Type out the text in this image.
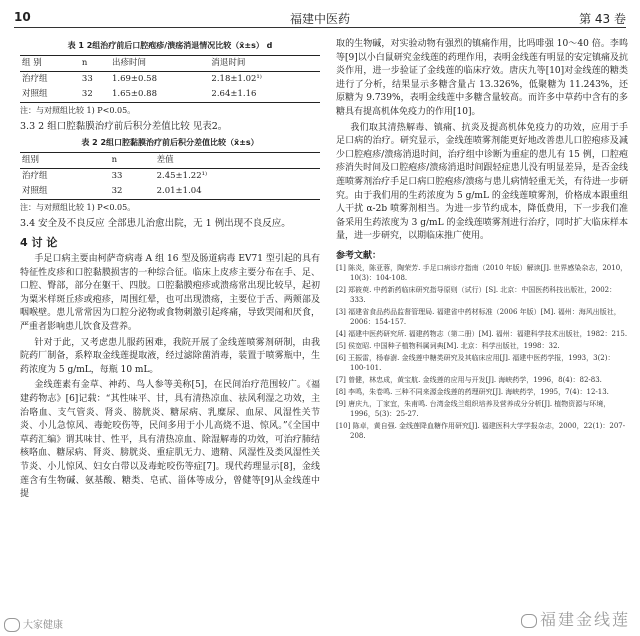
10	福建中医药	第 43 卷
表 1 2组治疗前后口腔疱疹/溃疡消退情况比较（x̄±s） d
组 别	n	出疹时间	消退时间
治疗组	33	1.69±0.58	2.18±1.02¹⁾
对照组	32	1.65±0.88	2.64±1.16
注：与对照组比较 1) P<0.05。
3.3 2 组口腔黏膜治疗前后积分差值比较 见表2。
表 2 2组口腔黏膜治疗前后积分差值比较（x̄±s）
组别	n	差值
治疗组	33	2.45±1.22¹⁾
对照组	32	2.01±1.04
注：与对照组比较 1) P<0.05。
3.4 安全及不良反应 全部患儿治愈出院，无 1 例出现不良反应。
4 讨 论

手足口病主要由柯萨奇病毒 A 组 16 型及肠道病毒 EV71 型引起的具有特征性皮疹和口腔黏膜损害的一种综合征。临床上皮疹主要分布在手、足、口腔、臀部，部分在躯干、四肢。口腔黏膜疱疹或溃疡常出现比较早，起初为粟米样斑丘疹或疱疹，周围红晕，也可出现溃疡，主要位于舌、两颊部及咽喉壁。患儿常常因为口腔分泌物或食物刺激引起疼痛，导致哭闹和厌食，严重者影响患儿饮食及营养。

针对于此，又考虑患儿服药困难，我院开展了金线莲喷雾剂研制，由我院药厂制备，系粹取金线莲提取液，经过滤除菌消毒，装置于喷雾瓶中，生药浓度为 5 g/mL，每瓶 10 mL。

金线莲素有金草、神药、鸟人参等美称[5]，在民间治疗范围较广。《福建药物志》[6]记载：“其性味平、甘，具有清热凉血、祛风利湿之功效，主治咯血、支气管炎、肾炎、膀胱炎、糖尿病、乳糜尿、血尿、风湿性关节炎、小儿急惊风、毒蛇咬伤等，民间多用于小儿高烧不退、惊风。”《全国中草药汇编》谓其味甘、性平，具有清热凉血、除湿解毒的功效，可治疗肺结核咯血、糖尿病、肾炎、膀胱炎、重症肌无力、遗精、风湿性及类风湿性关节炎、小儿惊风、妇女白带以及毒蛇咬伤等症[7]。现代药理显示[8]，金线莲含有生物碱、氨基酸、糖类、皂甙、甾体等成分，曾健等[9]从金线莲中提

取的生物碱，对实验动物有强烈的镇痛作用，比吗啡强 10～40 倍。李鸣等[9]以小白鼠研究金线莲的药理作用，表明金线莲有明显的安定镇痛及抗炎作用，进一步验证了金线莲的临床疗效。唐庆九等[10]对金线莲的糖类进行了分析，结果显示多糖含量占 13.326%，低聚糖为 11.243%，还原糖为 9.739%，表明金线莲中多糖含量较高。而许多中草药中含有的多糖具有提高机体免疫力的作用[10]。

我们取其清热解毒、镇痛、抗炎及提高机体免疫力的功效，应用于手足口病的治疗。研究显示，金线莲喷雾剂能更好地改善患儿口腔疱疹及减少口腔疱疹/溃疡消退时间，治疗组中诊断为重症的患儿有 15 例，口腔疱疹消失时间及口腔疱疹/溃疡消退时间跟轻症患儿没有明显差异，是否金线莲喷雾剂治疗手足口病口腔疱疹/溃疡与患儿病情轻重无关，有待进一步研究。由于我们用的生药浓度为 5 g/mL 的金线莲喷雾剂，价格成本跟重组人干扰 α-2b 喷雾剂相当。为进一步节约成本，降低费用，下一步我们准备采用生药浓度为 3 g/mL 的金线莲喷雾剂进行治疗，同时扩大临床样本量，进一步研究，以期临床推广使用。

参考文献：

[1] 陈炎，陈亚蓉，陶荣芳. 手足口病诊疗指南（2010 年版）解读[J]. 世界感染杂志，2010，10(3)：104-108.

[2] 郑筱萸. 中药新药临床研究指导原则（试行）[S]. 北京：中国医药科技出版社，2002：333.

[3] 福建省食品药品监督管理局. 福建省中药材标准（2006 年版）[M]. 福州：海风出版社，2006：154-157.

[4] 福建中医药研究所. 福建药物志（第二册）[M]. 福州：福建科学技术出版社，1982：215.

[5] 侯宽昭. 中国种子植物科属词典[M]. 北京：科学出版社，1998：32.

[6] 王振雷，杨春澍. 金线莲中糖类研究及其临床应用[J]. 福建中医药学报，1993，3(2)：100-101.

[7] 曾健，林忠成，黄宝航. 金线莲的应用与开发[J]. 海峡药学，1996，8(4)：82-83.

[8] 李鸣，朱卷鸣. 三种不同来源金线莲的药理研究[J]. 海峡药学，1995，7(4)：12-13.

[9] 唐庆九，丁家宜，朱甫鸣. 台湾金线兰组织培养及营养成分分析[J]. 植物资源与环境，1996，5(3)：25-27.

[10] 陈卓，黄自强. 金线莲降血糖作用研究[J]. 福建医科大学学报杂志，2000，22(1)：207-208.

大家健康	福建金线莲
